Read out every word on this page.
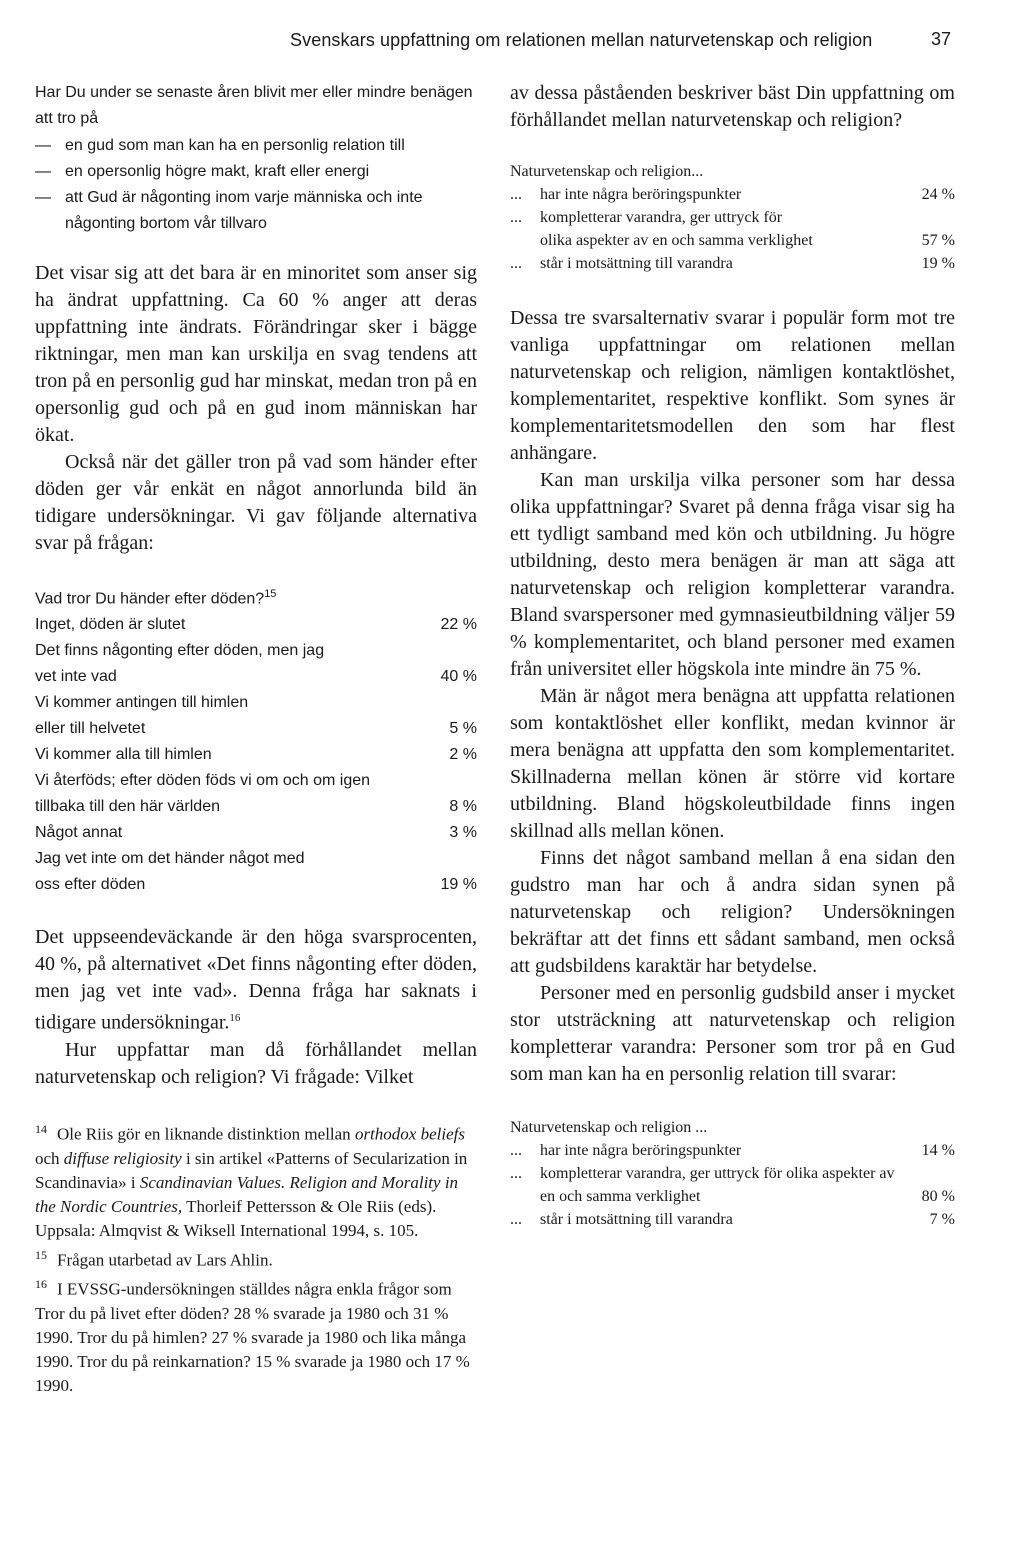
Svenskars uppfattning om relationen mellan naturvetenskap och religion	37

Har Du under se senaste åren blivit mer eller mindre benägen att tro på

— en gud som man kan ha en personlig relation till
— en opersonlig högre makt, kraft eller energi
— att Gud är någonting inom varje människa och inte någonting bortom vår tillvaro

Det visar sig att det bara är en minoritet som anser sig ha ändrat uppfattning. Ca 60 % anger att deras uppfattning inte ändrats. Förändringar sker i bägge riktningar, men man kan urskilja en svag tendens att tron på en personlig gud har minskat, medan tron på en opersonlig gud och på en gud inom människan har ökat.

Också när det gäller tron på vad som händer efter döden ger vår enkät en något annorlunda bild än tidigare undersökningar. Vi gav följande alternativa svar på frågan:

Vad tror Du händer efter döden?$^{15}$
Inget, döden är slutet	22 %
Det finns någonting efter döden, men jag vet inte vad	40 %
Vi kommer antingen till himlen eller till helvetet	5 %
Vi kommer alla till himlen	2 %
Vi återföds; efter döden föds vi om och om igen tillbaka till den här världen	8 %
Något annat	3 %
Jag vet inte om det händer något med oss efter döden	19 %

Det uppseendeväckande är den höga svarsprocenten, 40 %, på alternativet «Det finns någonting efter döden, men jag vet inte vad». Denna fråga har saknats i tidigare undersökningar.$^{16}$

Hur uppfattar man då förhållandet mellan naturvetenskap och religion? Vi frågade: Vilket

$^{14}$ Ole Riis gör en liknande distinktion mellan orthodox beliefs och diffuse religiosity i sin artikel «Patterns of Secularization in Scandinavia» i Scandinavian Values. Religion and Morality in the Nordic Countries, Thorleif Pettersson & Ole Riis (eds). Uppsala: Almqvist & Wiksell International 1994, s. 105.

$^{15}$ Frågan utarbetad av Lars Ahlin.

$^{16}$ I EVSSG-undersökningen ställdes några enkla frågor som Tror du på livet efter döden? 28 % svarade ja 1980 och 31 % 1990. Tror du på himlen? 27 % svarade ja 1980 och lika många 1990. Tror du på reinkarnation? 15 % svarade ja 1980 och 17 % 1990.

av dessa påståenden beskriver bäst Din uppfattning om förhållandet mellan naturvetenskap och religion?

Naturvetenskap och religion...
...	har inte några beröringspunkter	24 %
...	kompletterar varandra, ger uttryck för olika aspekter av en och samma verklighet	57 %
...	står i motsättning till varandra	19 %

Dessa tre svarsalternativ svarar i populär form mot tre vanliga uppfattningar om relationen mellan naturvetenskap och religion, nämligen kontaktlöshet, komplementaritet, respektive konflikt. Som synes är komplementaritetsmodellen den som har flest anhängare.

Kan man urskilja vilka personer som har dessa olika uppfattningar? Svaret på denna fråga visar sig ha ett tydligt samband med kön och utbildning. Ju högre utbildning, desto mera benägen är man att säga att naturvetenskap och religion kompletterar varandra. Bland svarspersoner med gymnasieutbildning väljer 59 % komplementaritet, och bland personer med examen från universitet eller högskola inte mindre än 75 %.

Män är något mera benägna att uppfatta relationen som kontaktlöshet eller konflikt, medan kvinnor är mera benägna att uppfatta den som komplementaritet. Skillnaderna mellan könen är större vid kortare utbildning. Bland högskoleutbildade finns ingen skillnad alls mellan könen.

Finns det något samband mellan å ena sidan den gudstro man har och å andra sidan synen på naturvetenskap och religion? Undersökningen bekräftar att det finns ett sådant samband, men också att gudsbildens karaktär har betydelse.

Personer med en personlig gudsbild anser i mycket stor utsträckning att naturvetenskap och religion kompletterar varandra: Personer som tror på en Gud som man kan ha en personlig relation till svarar:

Naturvetenskap och religion ...
...	har inte några beröringspunkter	14 %
...	kompletterar varandra, ger uttryck för olika aspekter av en och samma verklighet	80 %
...	står i motsättning till varandra	7 %
